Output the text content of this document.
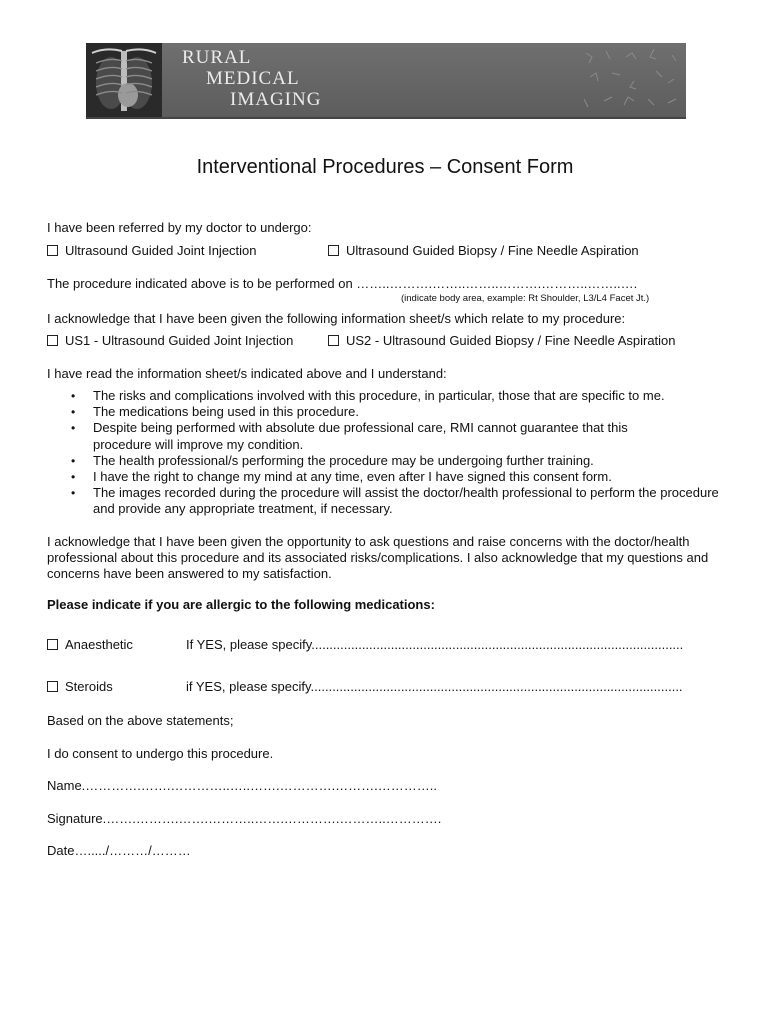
RURAL
MEDICAL
IMAGING
Interventional Procedures – Consent Form
I have been referred by my doctor to undergo:
Ultrasound Guided Joint Injection	Ultrasound Guided Biopsy / Fine Needle Aspiration
The procedure indicated above is to be performed on ……..……….……..……..……….………..……..….
(indicate body area, example: Rt Shoulder, L3/L4 Facet Jt.)
I acknowledge that I have been given the following information sheet/s which relate to my procedure:
US1 - Ultrasound Guided Joint Injection	US2 - Ultrasound Guided Biopsy / Fine Needle Aspiration
I have read the information sheet/s indicated above and I understand:
• The risks and complications involved with this procedure, in particular, those that are specific to me.
• The medications being used in this procedure.
• Despite being performed with absolute due professional care, RMI cannot guarantee that this procedure will improve my condition.
• The health professional/s performing the procedure may be undergoing further training.
• I have the right to change my mind at any time, even after I have signed this consent form.
• The images recorded during the procedure will assist the doctor/health professional to perform the procedure and provide any appropriate treatment, if necessary.
I acknowledge that I have been given the opportunity to ask questions and raise concerns with the doctor/health professional about this procedure and its associated risks/complications. I also acknowledge that my questions and concerns have been answered to my satisfaction.
Please indicate if you are allergic to the following medications:
Anaesthetic	If YES, please specify.......................................................................................................
Steroids	if YES, please specify.......................................................................................................
Based on the above statements;
I do consent to undergo this procedure.
Name.………….…….…………..…..…….………….……….…………..
Signature.…….……….…….………..…….………….………..………….
Date…...../………/………
